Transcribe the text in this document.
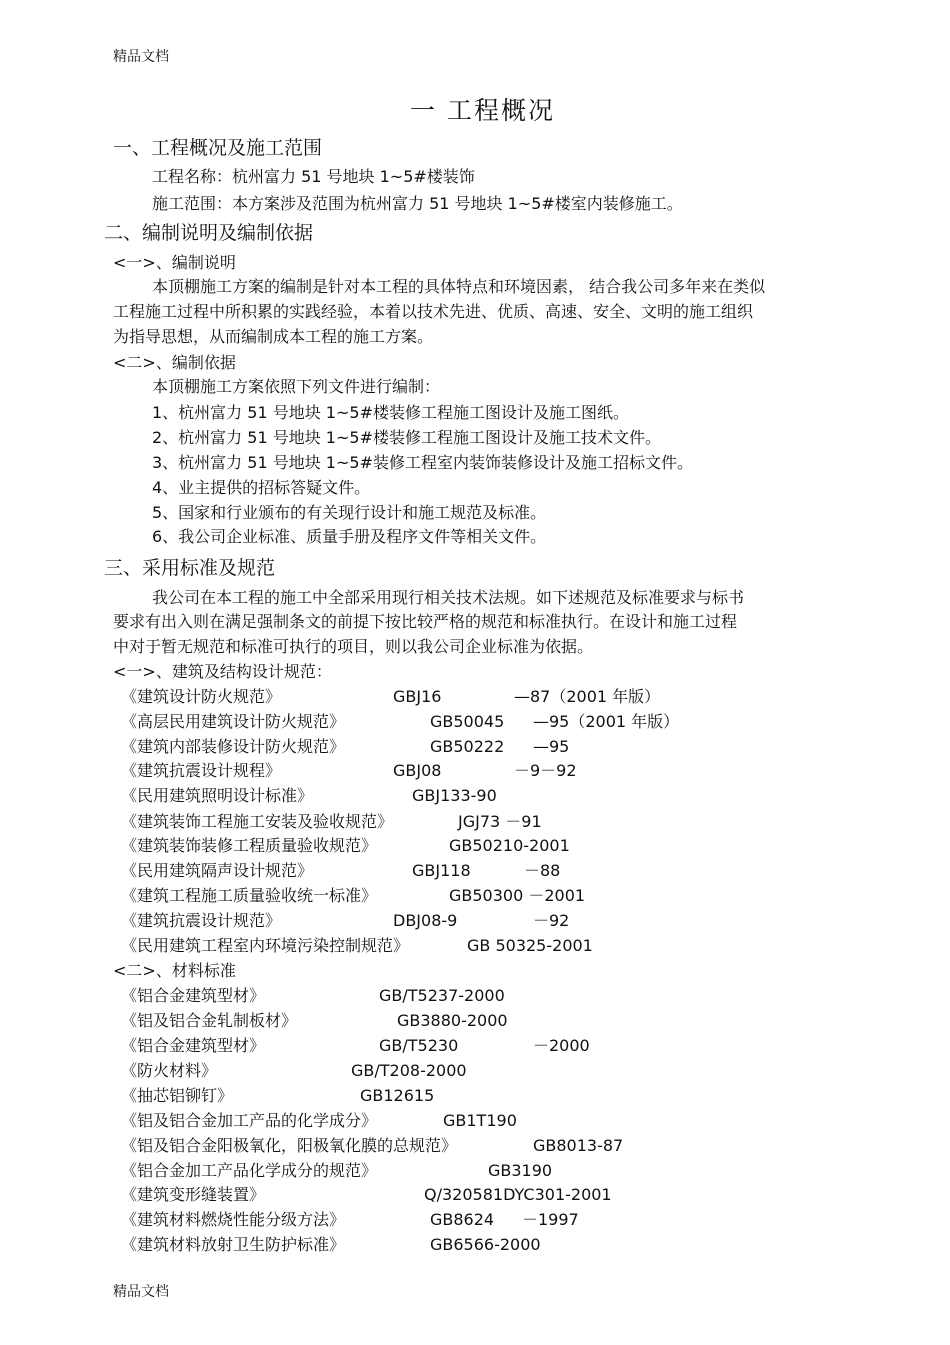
精品文档
一 工程概况
一、工程概况及施工范围
工程名称：杭州富力 51 号地块 1~5#楼装饰
施工范围：本方案涉及范围为杭州富力 51 号地块 1~5#楼室内装修施工。
二、编制说明及编制依据
<一>、编制说明
本顶棚施工方案的编制是针对本工程的具体特点和环境因素， 结合我公司多年来在类似
工程施工过程中所积累的实践经验，本着以技术先进、优质、高速、安全、文明的施工组织
为指导思想，从而编制成本工程的施工方案。
<二>、编制依据
本顶棚施工方案依照下列文件进行编制：
1、杭州富力 51 号地块 1~5#楼装修工程施工图设计及施工图纸。
2、杭州富力 51 号地块 1~5#楼装修工程施工图设计及施工技术文件。
3、杭州富力 51 号地块 1~5#装修工程室内装饰装修设计及施工招标文件。
4、业主提供的招标答疑文件。
5、国家和行业颁布的有关现行设计和施工规范及标准。
6、我公司企业标准、质量手册及程序文件等相关文件。
三、采用标准及规范
我公司在本工程的施工中全部采用现行相关技术法规。如下述规范及标准要求与标书
要求有出入则在满足强制条文的前提下按比较严格的规范和标准执行。在设计和施工过程
中对于暂无规范和标准可执行的项目，则以我公司企业标准为依据。
<一>、建筑及结构设计规范：
《建筑设计防火规范》	GBJ16	—87（2001 年版）
《高层民用建筑设计防火规范》	GB50045 —95（2001 年版）
《建筑内部装修设计防火规范》	GB50222 —95
《建筑抗震设计规程》	GBJ08	－9－92
《民用建筑照明设计标准》	GBJ133-90
《建筑装饰工程施工安装及验收规范》	JGJ73 －91
《建筑装饰装修工程质量验收规范》	GB50210-2001
《民用建筑隔声设计规范》	GBJ118	－88
《建筑工程施工质量验收统一标准》	GB50300 －2001
《建筑抗震设计规范》	DBJ08-9	－92
《民用建筑工程室内环境污染控制规范》	GB 50325-2001
<二>、材料标准
《铝合金建筑型材》	GB/T5237-2000
《铝及铝合金轧制板材》	GB3880-2000
《铝合金建筑型材》	GB/T5230	－2000
《防火材料》	GB/T208-2000
《抽芯铝铆钉》	GB12615
《铝及铝合金加工产品的化学成分》	GB1T190
《铝及铝合金阳极氧化，阳极氧化膜的总规范》	GB8013-87
《铝合金加工产品化学成分的规范》	GB3190
《建筑变形缝装置》	Q/320581DYC301-2001
《建筑材料燃烧性能分级方法》	GB8624 －1997
《建筑材料放射卫生防护标准》	GB6566-2000
精品文档
